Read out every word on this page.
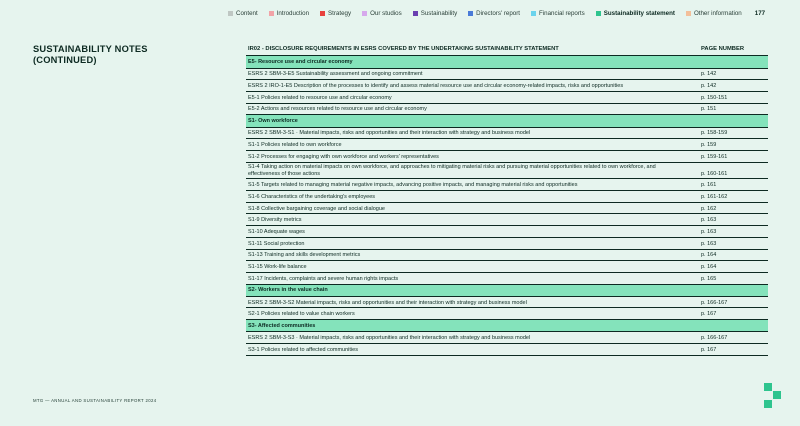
Content	Introduction	Strategy	Our studios	Sustainability	Directors' report	Financial reports	Sustainability statement	Other information 177
SUSTAINABILITY NOTES (CONTINUED)
IR02 - DISCLOSURE REQUIREMENTS IN ESRS COVERED BY THE UNDERTAKING SUSTAINABILITY STATEMENT	PAGE NUMBER
E5- Resource use and circular economy
ESRS 2 SBM-3-E5 Sustainability assessment and ongoing commitment	p. 142
ESRS 2 IRO-1-E5 Description of the processes to identify and assess material resource use and circular economy-related impacts, risks and opportunities	p. 142
E5-1 Policies related to resource use and circular economy	p. 150-151
E5-2 Actions and resources related to resource use and circular economy	p. 151
S1- Own workforce
ESRS 2 SBM-3-S1 · Material impacts, risks and opportunities and their interaction with strategy and business model	p. 158-159
S1-1 Policies related to own workforce	p. 159
S1-2 Processes for engaging with own workforce and workers' representatives	p. 159-161
S1-4 Taking action on material impacts on own workforce, and approaches to mitigating material risks and pursuing material opportunities related to own workforce, and effectiveness of those actions	p. 160-161
S1-5 Targets related to managing material negative impacts, advancing positive impacts, and managing material risks and opportunities	p. 161
S1-6 Characteristics of the undertaking's employees	p. 161-162
S1-8 Collective bargaining coverage and social dialogue	p. 162
S1-9 Diversity metrics	p. 163
S1-10 Adequate wages	p. 163
S1-11 Social protection	p. 163
S1-13 Training and skills development metrics	p. 164
S1-15 Work-life balance	p. 164
S1-17 Incidents, complaints and severe human rights impacts	p. 165
S2- Workers in the value chain
ESRS 2 SBM-3-S2 Material impacts, risks and opportunities and their interaction with strategy and business model	p. 166-167
S2-1 Policies related to value chain workers	p. 167
S3- Affected communities
ESRS 2 SBM-3-S3 · Material impacts, risks and opportunities and their interaction with strategy and business model	p. 166-167
S3-1 Policies related to affected communities	p. 167
MTG — ANNUAL AND SUSTAINABILITY REPORT 2024
